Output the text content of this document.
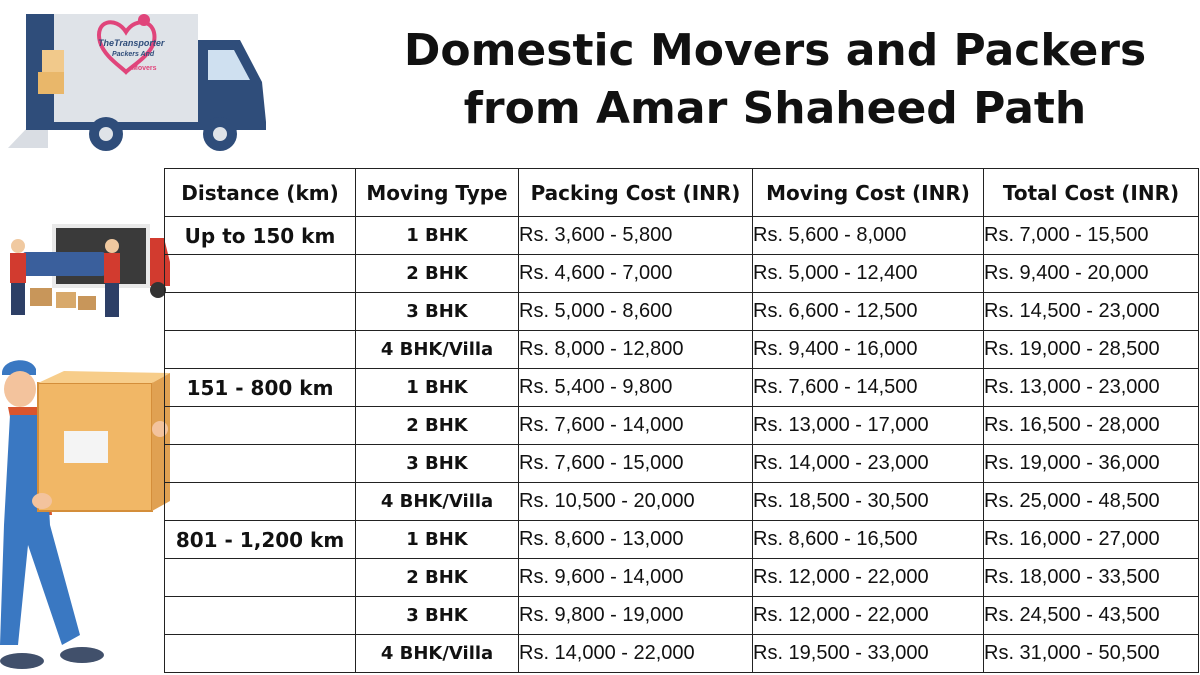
Domestic Movers and Packers
from Amar Shaheed Path
TheTransporter
Packers And
Movers
Distance (km)	Moving Type	Packing Cost (INR)	Moving Cost (INR)	Total Cost (INR)
Up to 150 km	1 BHK	Rs. 3,600 - 5,800	Rs. 5,600 - 8,000	Rs. 7,000 - 15,500
	2 BHK	Rs. 4,600 - 7,000	Rs. 5,000 - 12,400	Rs. 9,400 - 20,000
	3 BHK	Rs. 5,000 - 8,600	Rs. 6,600 - 12,500	Rs. 14,500 - 23,000
	4 BHK/Villa	Rs. 8,000 - 12,800	Rs. 9,400 - 16,000	Rs. 19,000 - 28,500
151 - 800 km	1 BHK	Rs. 5,400 - 9,800	Rs. 7,600 - 14,500	Rs. 13,000 - 23,000
	2 BHK	Rs. 7,600 - 14,000	Rs. 13,000 - 17,000	Rs. 16,500 - 28,000
	3 BHK	Rs. 7,600 - 15,000	Rs. 14,000 - 23,000	Rs. 19,000 - 36,000
	4 BHK/Villa	Rs. 10,500 - 20,000	Rs. 18,500 - 30,500	Rs. 25,000 - 48,500
801 - 1,200 km	1 BHK	Rs. 8,600 - 13,000	Rs. 8,600 - 16,500	Rs. 16,000 - 27,000
	2 BHK	Rs. 9,600 - 14,000	Rs. 12,000 - 22,000	Rs. 18,000 - 33,500
	3 BHK	Rs. 9,800 - 19,000	Rs. 12,000 - 22,000	Rs. 24,500 - 43,500
	4 BHK/Villa	Rs. 14,000 - 22,000	Rs. 19,500 - 33,000	Rs. 31,000 - 50,500
